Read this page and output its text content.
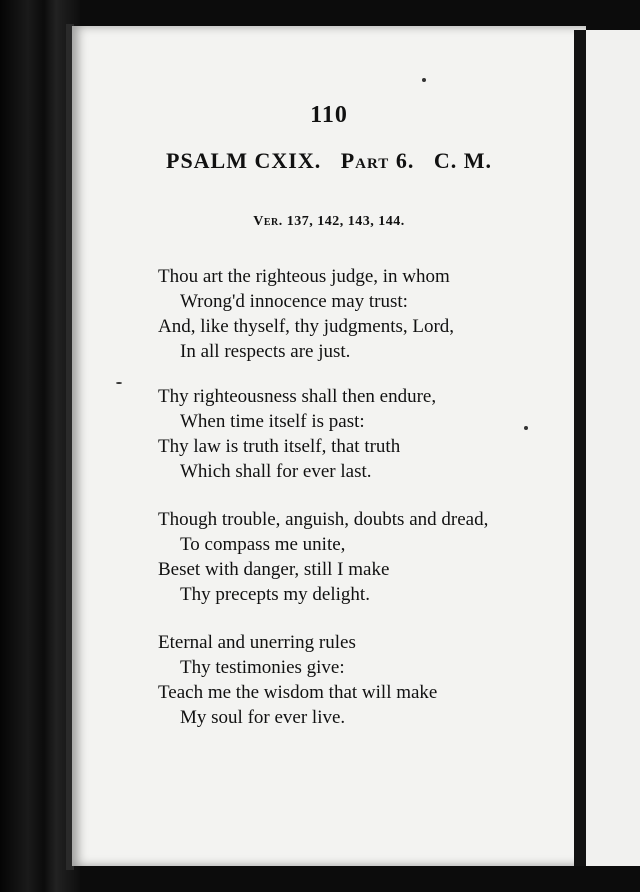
110
PSALM CXIX. Part 6. C. M.
Ver. 137, 142, 143, 144.
Thou art the righteous judge, in whom
Wrong'd innocence may trust:
And, like thyself, thy judgments, Lord,
In all respects are just.
Thy righteousness shall then endure,
When time itself is past:
Thy law is truth itself, that truth
Which shall for ever last.
Though trouble, anguish, doubts and dread,
To compass me unite,
Beset with danger, still I make
Thy precepts my delight.
Eternal and unerring rules
Thy testimonies give:
Teach me the wisdom that will make
My soul for ever live.
